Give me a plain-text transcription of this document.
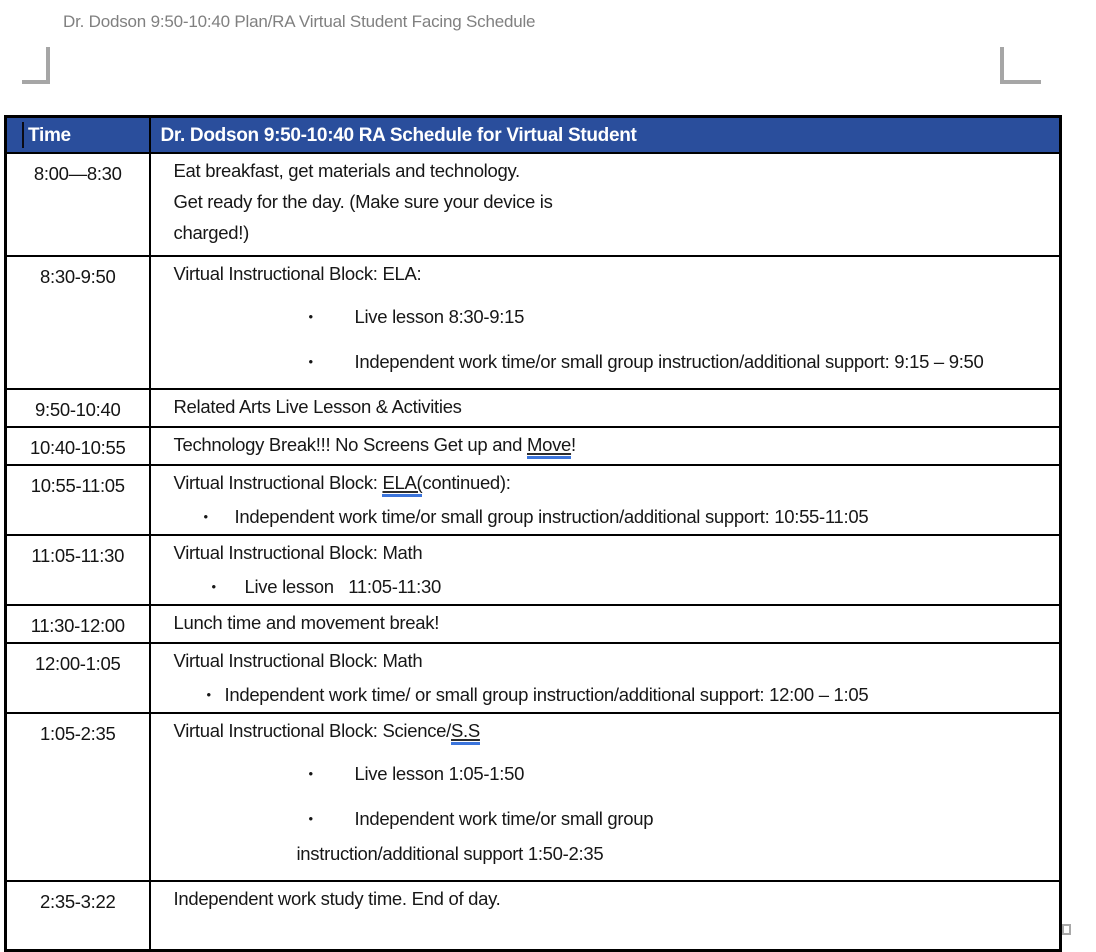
Dr. Dodson 9:50-10:40 Plan/RA Virtual Student Facing Schedule
Time	Dr. Dodson 9:50-10:40 RA Schedule for Virtual Student
8:00—8:30	Eat breakfast, get materials and technology.
Get ready for the day. (Make sure your device is
charged!)

8:30-9:50	Virtual Instructional Block: ELA:
• Live lesson 8:30-9:15
• Independent work time/or small group instruction/additional support: 9:15 – 9:50

9:50-10:40	Related Arts Live Lesson & Activities

10:40-10:55	Technology Break!!! No Screens Get up and Move!

10:55-11:05	Virtual Instructional Block: ELA(continued):
• Independent work time/or small group instruction/additional support: 10:55-11:05

11:05-11:30	Virtual Instructional Block: Math
• Live lesson   11:05-11:30

11:30-12:00	Lunch time and movement break!

12:00-1:05	Virtual Instructional Block: Math
• Independent work time/ or small group instruction/additional support: 12:00 – 1:05

1:05-2:35	Virtual Instructional Block: Science/S.S
•	Live lesson 1:05-1:50
•	Independent work time/or small group
instruction/additional support 1:50-2:35

2:35-3:22	Independent work study time. End of day.
